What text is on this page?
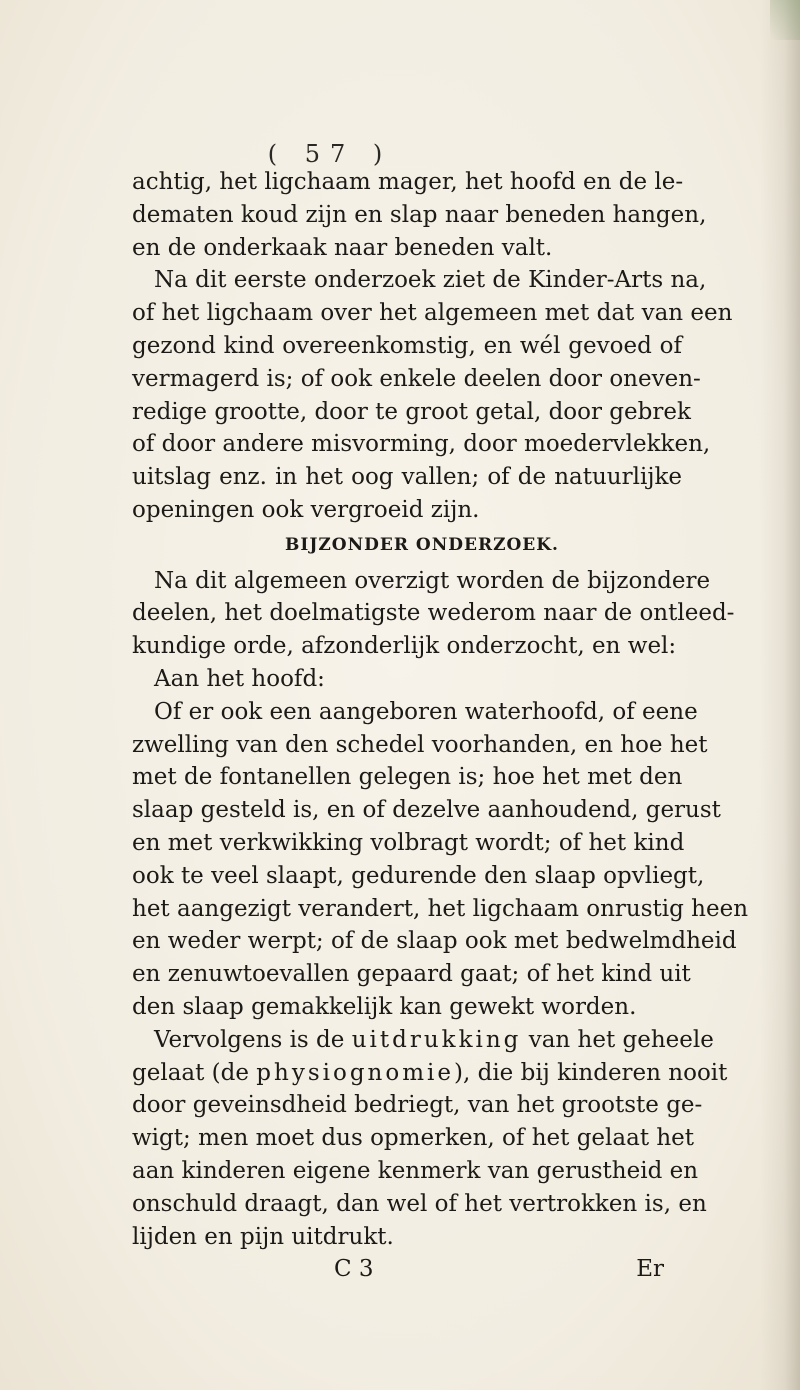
( 57 )
achtig, het ligchaam mager, het hoofd en de le-
dematen koud zijn en slap naar beneden hangen,
en de onderkaak naar beneden valt.
Na dit eerste onderzoek ziet de Kinder-Arts na,
of het ligchaam over het algemeen met dat van een
gezond kind overeenkomstig, en wél gevoed of
vermagerd is; of ook enkele deelen door oneven-
redige grootte, door te groot getal, door gebrek
of door andere misvorming, door moedervlekken,
uitslag enz. in het oog vallen; of de natuurlijke
openingen ook vergroeid zijn.
BIJZONDER ONDERZOEK.
Na dit algemeen overzigt worden de bijzondere
deelen, het doelmatigste wederom naar de ontleed-
kundige orde, afzonderlijk onderzocht, en wel:
Aan het hoofd:
Of er ook een aangeboren waterhoofd, of eene
zwelling van den schedel voorhanden, en hoe het
met de fontanellen gelegen is; hoe het met den
slaap gesteld is, en of dezelve aanhoudend, gerust
en met verkwikking volbragt wordt; of het kind
ook te veel slaapt, gedurende den slaap opvliegt,
het aangezigt verandert, het ligchaam onrustig heen
en weder werpt; of de slaap ook met bedwelmdheid
en zenuwtoevallen gepaard gaat; of het kind uit
den slaap gemakkelijk kan gewekt worden.
Vervolgens is de uitdrukking van het geheele
gelaat (de physiognomie), die bij kinderen nooit
door geveinsdheid bedriegt, van het grootste ge-
wigt; men moet dus opmerken, of het gelaat het
aan kinderen eigene kenmerk van gerustheid en
onschuld draagt, dan wel of het vertrokken is, en
lijden en pijn uitdrukt.
C 3	Er
